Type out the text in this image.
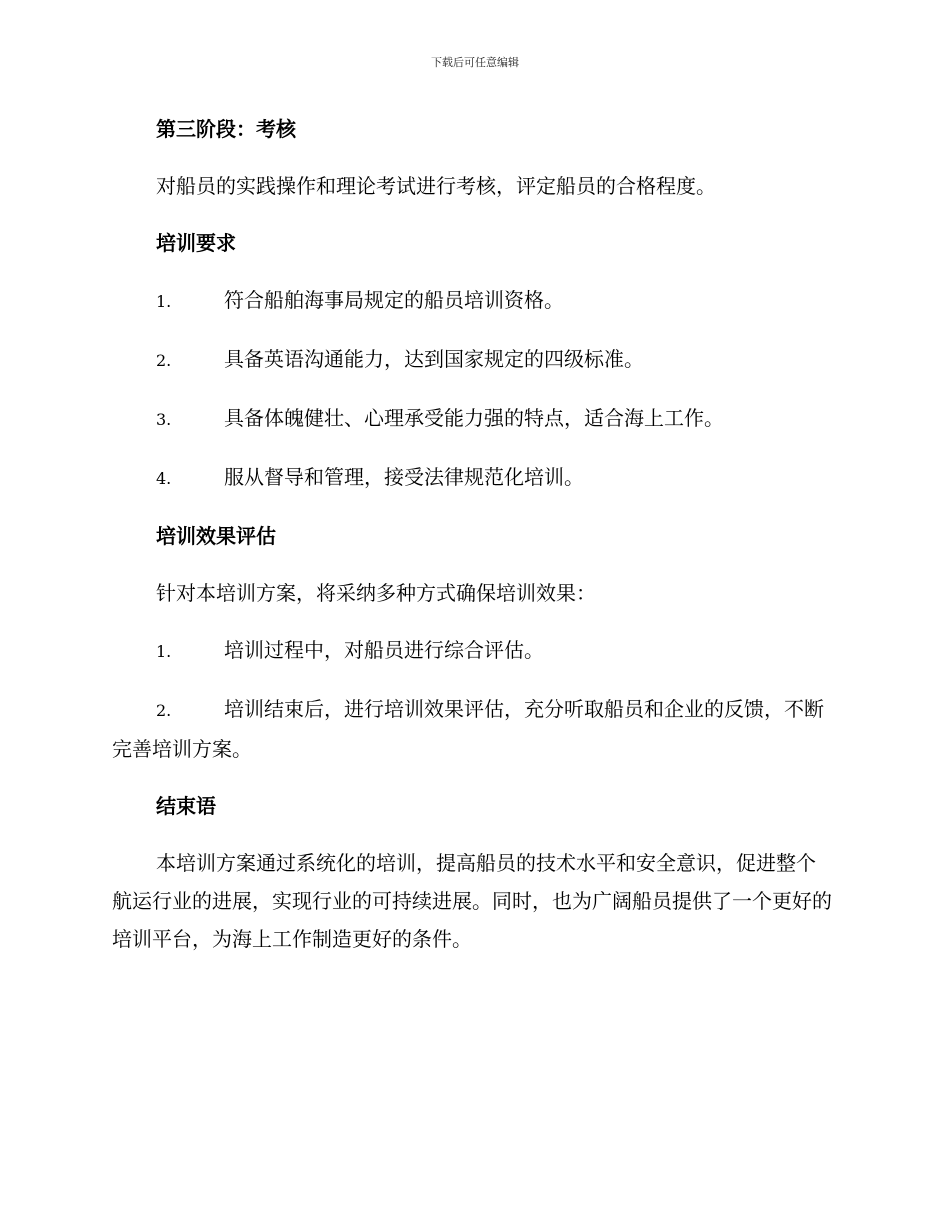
下载后可任意编辑
第三阶段：考核

对船员的实践操作和理论考试进行考核，评定船员的合格程度。

培训要求
1.	符合船舶海事局规定的船员培训资格。
2.	具备英语沟通能力，达到国家规定的四级标准。
3.	具备体魄健壮、心理承受能力强的特点，适合海上工作。
4.	服从督导和管理，接受法律规范化培训。
培训效果评估

针对本培训方案，将采纳多种方式确保培训效果：

1.	培训过程中，对船员进行综合评估。
2.	培训结束后，进行培训效果评估，充分听取船员和企业的反馈，不断完善培训方案。
结束语

本培训方案通过系统化的培训，提高船员的技术水平和安全意识，促进整个航运行业的进展，实现行业的可持续进展。同时，也为广阔船员提供了一个更好的培训平台，为海上工作制造更好的条件。
